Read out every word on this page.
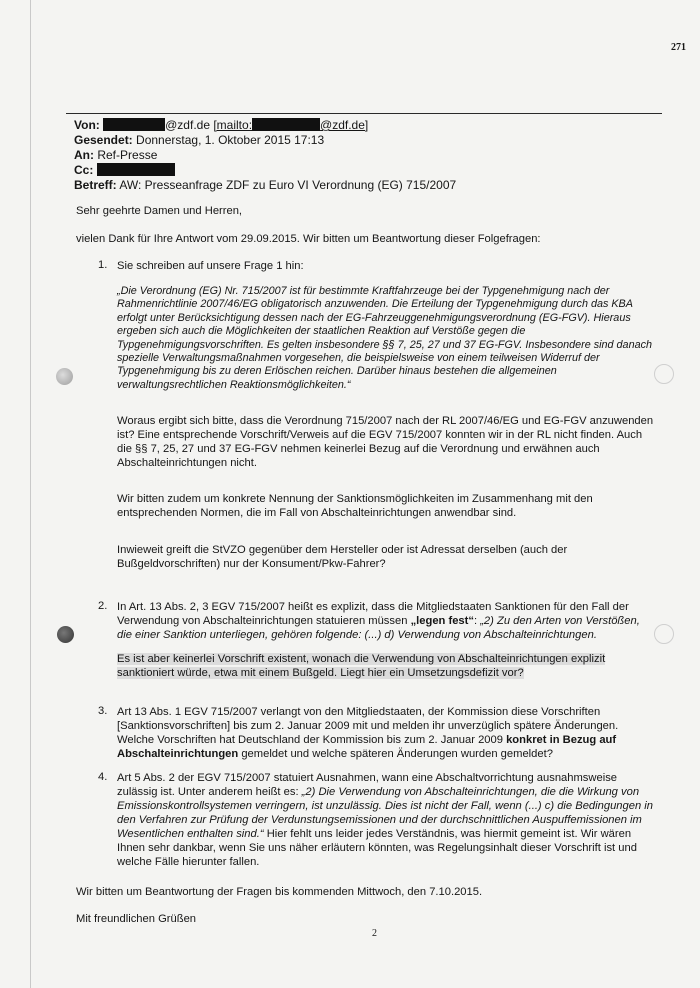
271
Von:	@zdf.de [mailto:	@zdf.de]
Gesendet: Donnerstag, 1. Oktober 2015 17:13
An: Ref-Presse
Cc:
Betreff: AW: Presseanfrage ZDF zu Euro VI Verordnung (EG) 715/2007
Sehr geehrte Damen und Herren,
vielen Dank für Ihre Antwort vom 29.09.2015. Wir bitten um Beantwortung dieser Folgefragen:
1. Sie schreiben auf unsere Frage 1 hin:
„Die Verordnung (EG) Nr. 715/2007 ist für bestimmte Kraftfahrzeuge bei der Typgenehmigung nach der Rahmenrichtlinie 2007/46/EG obligatorisch anzuwenden. Die Erteilung der Typgenehmigung durch das KBA erfolgt unter Berücksichtigung dessen nach der EG-Fahrzeuggenehmigungsverordnung (EG-FGV). Hieraus ergeben sich auch die Möglichkeiten der staatlichen Reaktion auf Verstöße gegen die Typgenehmigungsvorschriften. Es gelten insbesondere §§ 7, 25, 27 und 37 EG-FGV. Insbesondere sind danach spezielle Verwaltungsmaßnahmen vorgesehen, die beispielsweise von einem teilweisen Widerruf der Typgenehmigung bis zu deren Erlöschen reichen. Darüber hinaus bestehen die allgemeinen verwaltungsrechtlichen Reaktionsmöglichkeiten.“
Woraus ergibt sich bitte, dass die Verordnung 715/2007 nach der RL 2007/46/EG und EG-FGV anzuwenden ist? Eine entsprechende Vorschrift/Verweis auf die EGV 715/2007 konnten wir in der RL nicht finden. Auch die §§ 7, 25, 27 und 37 EG-FGV nehmen keinerlei Bezug auf die Verordnung und erwähnen auch Abschalteinrichtungen nicht.
Wir bitten zudem um konkrete Nennung der Sanktionsmöglichkeiten im Zusammenhang mit den entsprechenden Normen, die im Fall von Abschalteinrichtungen anwendbar sind.
Inwieweit greift die StVZO gegenüber dem Hersteller oder ist Adressat derselben (auch der Bußgeldvorschriften) nur der Konsument/Pkw-Fahrer?
2. In Art. 13 Abs. 2, 3 EGV 715/2007 heißt es explizit, dass die Mitgliedstaaten Sanktionen für den Fall der Verwendung von Abschalteinrichtungen statuieren müssen „legen fest“: „2) Zu den Arten von Verstößen, die einer Sanktion unterliegen, gehören folgende: (...) d) Verwendung von Abschalteinrichtungen.
Es ist aber keinerlei Vorschrift existent, wonach die Verwendung von Abschalteinrichtungen explizit sanktioniert würde, etwa mit einem Bußgeld. Liegt hier ein Umsetzungsdefizit vor?
3. Art 13 Abs. 1 EGV 715/2007 verlangt von den Mitgliedstaaten, der Kommission diese Vorschriften [Sanktionsvorschriften] bis zum 2. Januar 2009 mit und melden ihr unverzüglich spätere Änderungen. Welche Vorschriften hat Deutschland der Kommission bis zum 2. Januar 2009 konkret in Bezug auf Abschalteinrichtungen gemeldet und welche späteren Änderungen wurden gemeldet?
4. Art 5 Abs. 2 der EGV 715/2007 statuiert Ausnahmen, wann eine Abschaltvorrichtung ausnahmsweise zulässig ist. Unter anderem heißt es: „2) Die Verwendung von Abschalteinrichtungen, die die Wirkung von Emissionskontrollsystemen verringern, ist unzulässig. Dies ist nicht der Fall, wenn (...) c) die Bedingungen in den Verfahren zur Prüfung der Verdunstungsemissionen und der durchschnittlichen Auspuffemissionen im Wesentlichen enthalten sind.“ Hier fehlt uns leider jedes Verständnis, was hiermit gemeint ist. Wir wären Ihnen sehr dankbar, wenn Sie uns näher erläutern könnten, was Regelungsinhalt dieser Vorschrift ist und welche Fälle hierunter fallen.
Wir bitten um Beantwortung der Fragen bis kommenden Mittwoch, den 7.10.2015.
Mit freundlichen Grüßen
2
